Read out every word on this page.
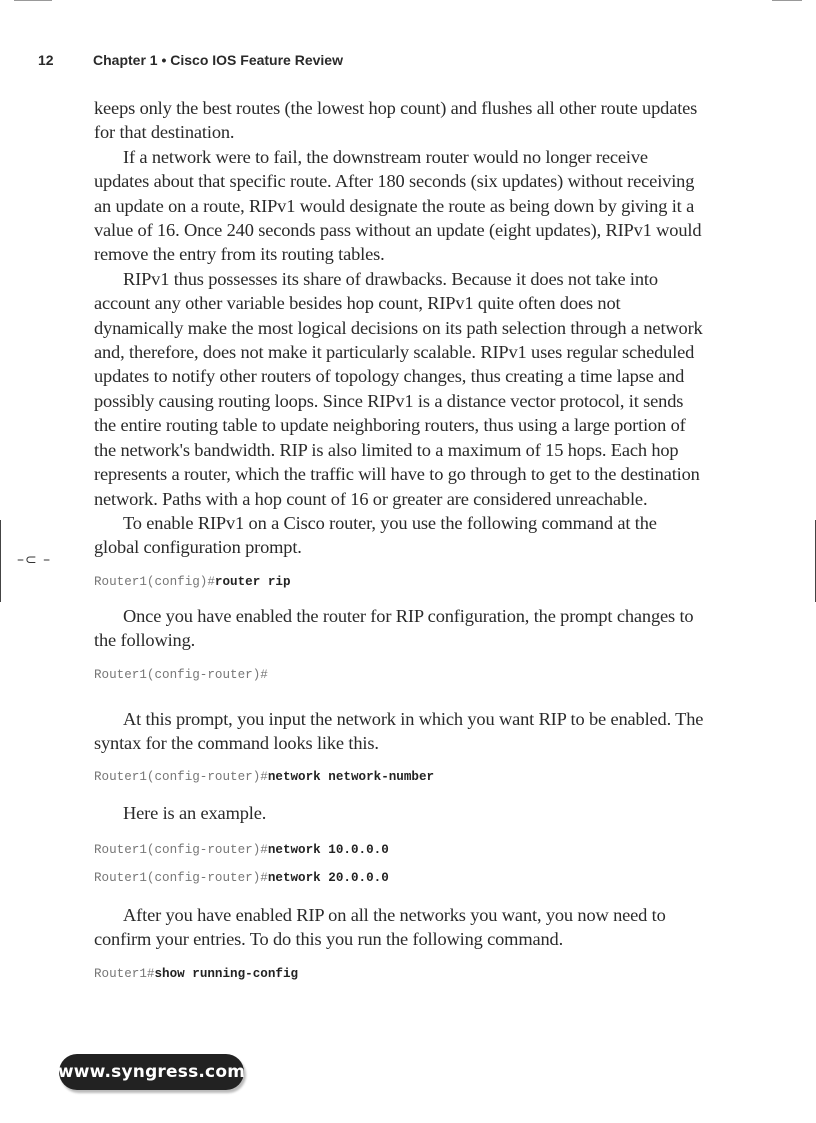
–⊂ –
12	Chapter 1 • Cisco IOS Feature Review

keeps only the best routes (the lowest hop count) and flushes all other route updates for that destination.

If a network were to fail, the downstream router would no longer receive updates about that specific route. After 180 seconds (six updates) without receiving an update on a route, RIPv1 would designate the route as being down by giving it a value of 16. Once 240 seconds pass without an update (eight updates), RIPv1 would remove the entry from its routing tables.

RIPv1 thus possesses its share of drawbacks. Because it does not take into account any other variable besides hop count, RIPv1 quite often does not dynamically make the most logical decisions on its path selection through a network and, therefore, does not make it particularly scalable. RIPv1 uses regular scheduled updates to notify other routers of topology changes, thus creating a time lapse and possibly causing routing loops. Since RIPv1 is a distance vector protocol, it sends the entire routing table to update neighboring routers, thus using a large portion of the network's bandwidth. RIP is also limited to a maximum of 15 hops. Each hop represents a router, which the traffic will have to go through to get to the destination network. Paths with a hop count of 16 or greater are considered unreachable.

To enable RIPv1 on a Cisco router, you use the following command at the global configuration prompt.

Router1(config)#router rip

Once you have enabled the router for RIP configuration, the prompt changes to the following.

Router1(config-router)#

At this prompt, you input the network in which you want RIP to be enabled. The syntax for the command looks like this.

Router1(config-router)#network network-number

Here is an example.

Router1(config-router)#network 10.0.0.0
Router1(config-router)#network 20.0.0.0

After you have enabled RIP on all the networks you want, you now need to confirm your entries. To do this you run the following command.

Router1#show running-config
www.syngress.com
